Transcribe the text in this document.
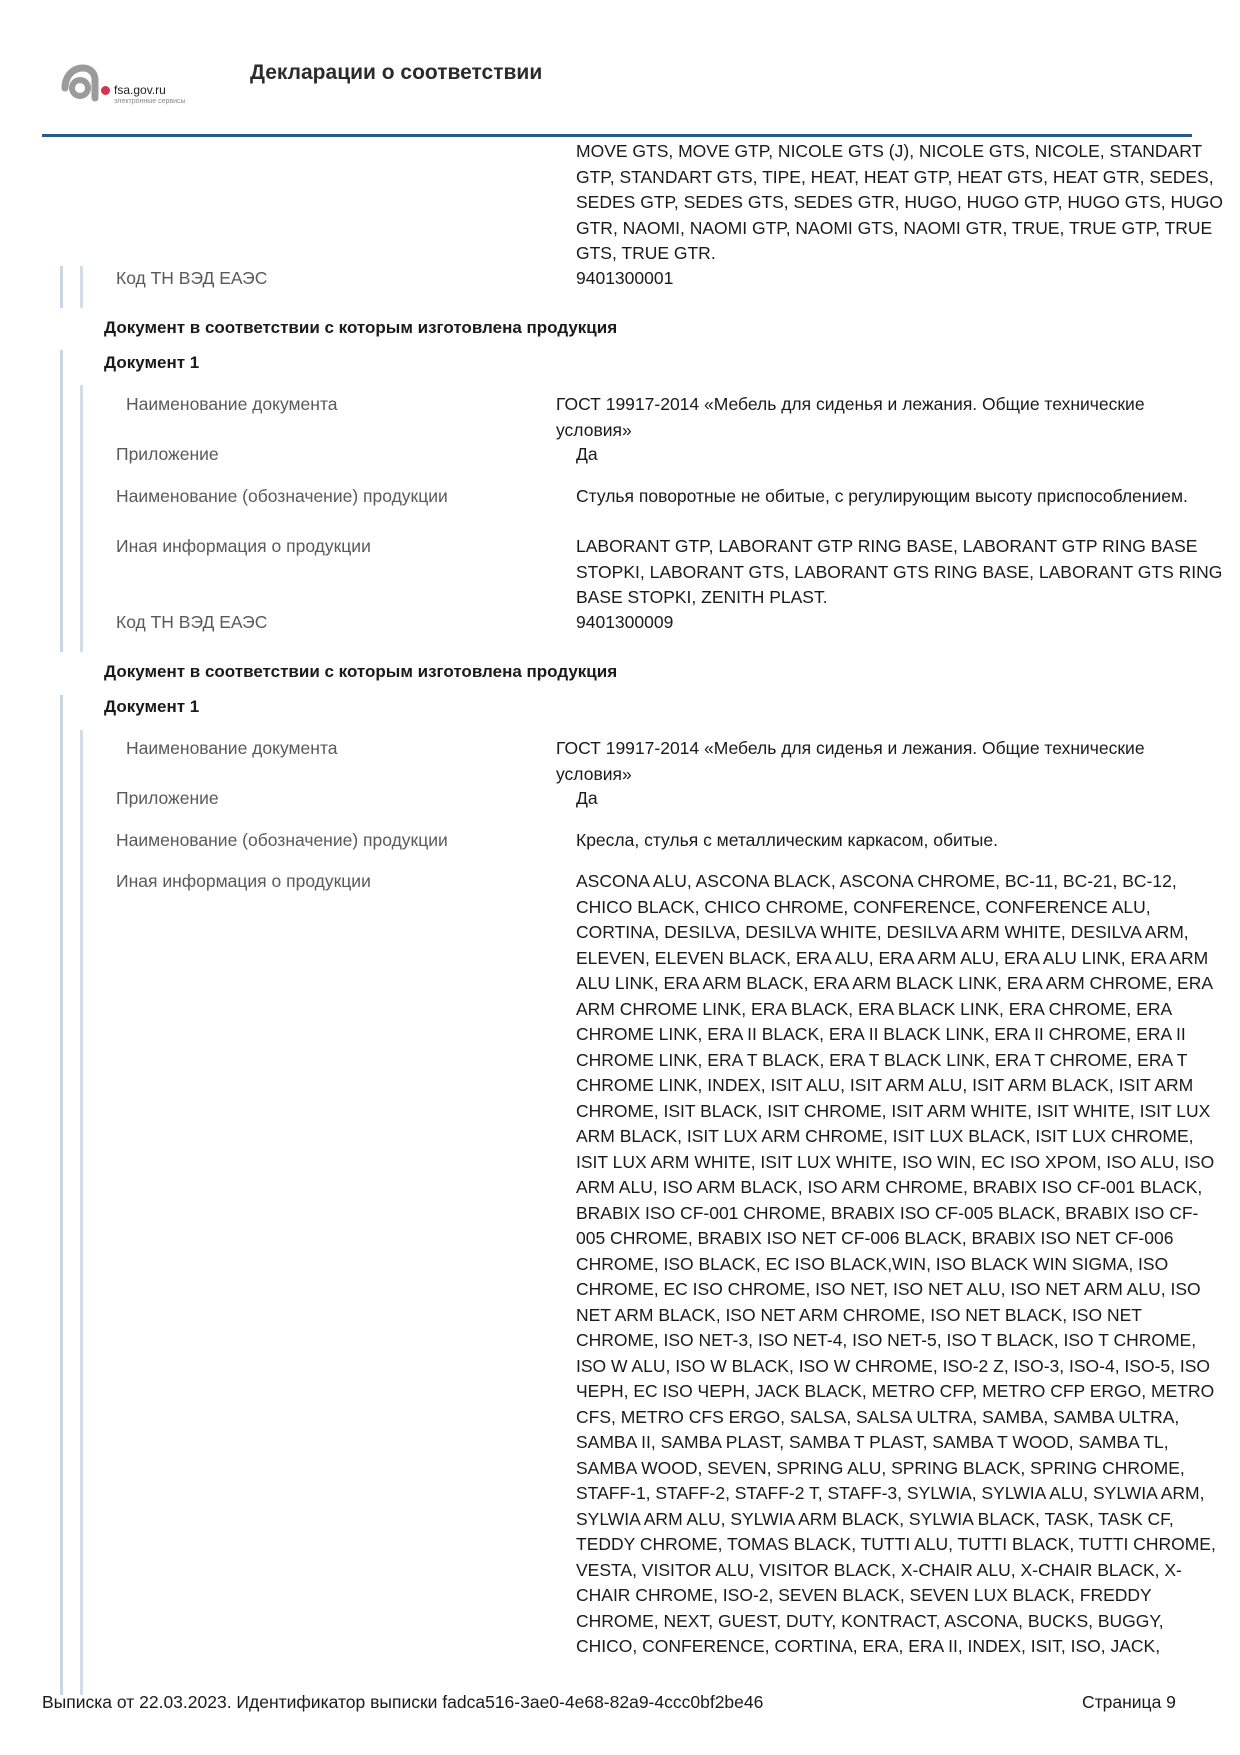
fsa.gov.ru
электронные сервисы
Декларации о соответствии
MOVE GTS, MOVE GTP, NICOLE GTS (J), NICOLE GTS, NICOLE, STANDART GTP, STANDART GTS, TIPE, HEAT, HEAT GTP, HEAT GTS, HEAT GTR, SEDES, SEDES GTP, SEDES GTS, SEDES GTR, HUGO, HUGO GTP, HUGO GTS, HUGO GTR, NAOMI, NAOMI GTP, NAOMI GTS, NAOMI GTR, TRUE, TRUE GTP, TRUE GTS, TRUE GTR.
Код ТН ВЭД ЕАЭС	9401300001
Документ в соответствии с которым изготовлена продукция
Документ 1
Наименование документа	ГОСТ 19917-2014 «Мебель для сиденья и лежания. Общие технические условия»
Приложение	Да
Наименование (обозначение) продукции	Стулья поворотные не обитые, с регулирующим высоту приспособлением.
Иная информация о продукции	LABORANT GTP, LABORANT GTP RING BASE, LABORANT GTP RING BASE STOPKI, LABORANT GTS, LABORANT GTS RING BASE, LABORANT GTS RING BASE STOPKI, ZENITH PLAST.
Код ТН ВЭД ЕАЭС	9401300009
Документ в соответствии с которым изготовлена продукция
Документ 1
Наименование документа	ГОСТ 19917-2014 «Мебель для сиденья и лежания. Общие технические условия»
Приложение	Да
Наименование (обозначение) продукции	Кресла, стулья с металлическим каркасом, обитые.
Иная информация о продукции	ASCONA ALU, ASCONA BLACK, ASCONA CHROME, BC-11, BC-21, BC-12, CHICO BLACK, CHICO CHROME, CONFERENCE, CONFERENCE ALU, CORTINA, DESILVA, DESILVA WHITE, DESILVA ARM WHITE, DESILVA ARM, ELEVEN, ELEVEN BLACK, ERA ALU, ERA ARM ALU, ERA ALU LINK, ERA ARM ALU LINK, ERA ARM BLACK, ERA ARM BLACK LINK, ERA ARM CHROME, ERA ARM CHROME LINK, ERA BLACK, ERA BLACK LINK, ERA CHROME, ERA CHROME LINK, ERA II BLACK, ERA II BLACK LINK, ERA II CHROME, ERA II CHROME LINK, ERA T BLACK, ERA T BLACK LINK, ERA T CHROME, ERA T CHROME LINK, INDEX, ISIT ALU, ISIT ARM ALU, ISIT ARM BLACK, ISIT ARM CHROME, ISIT BLACK, ISIT CHROME, ISIT ARM WHITE, ISIT WHITE, ISIT LUX ARM BLACK, ISIT LUX ARM CHROME, ISIT LUX BLACK, ISIT LUX CHROME, ISIT LUX ARM WHITE, ISIT LUX WHITE, ISO WIN, EC ISO XPOM, ISO ALU, ISO ARM ALU, ISO ARM BLACK, ISO ARM CHROME, BRABIX ISO CF-001 BLACK, BRABIX ISO CF-001 CHROME, BRABIX ISO CF-005 BLACK, BRABIX ISO CF-005 CHROME, BRABIX ISO NET CF-006 BLACK, BRABIX ISO NET CF-006 CHROME, ISO BLACK, EC ISO BLACK,WIN, ISO BLACK WIN SIGMA, ISO CHROME, EC ISO CHROME, ISO NET, ISO NET ALU, ISO NET ARM ALU, ISO NET ARM BLACK, ISO NET ARM CHROME, ISO NET BLACK, ISO NET CHROME, ISO NET-3, ISO NET-4, ISO NET-5, ISO T BLACK, ISO T CHROME, ISO W ALU, ISO W BLACK, ISO W CHROME, ISO-2 Z, ISO-3, ISO-4, ISO-5, ISO ЧЕРН, EC ISO ЧЕРН, JACK BLACK, METRO CFP, METRO CFP ERGO, METRO CFS, METRO CFS ERGO, SALSA, SALSA ULTRA, SAMBA, SAMBA ULTRA, SAMBA II, SAMBA PLAST, SAMBA T PLAST, SAMBA T WOOD, SAMBA TL, SAMBA WOOD, SEVEN, SPRING ALU, SPRING BLACK, SPRING CHROME, STAFF-1, STAFF-2, STAFF-2 T, STAFF-3, SYLWIA, SYLWIA ALU, SYLWIA ARM, SYLWIA ARM ALU, SYLWIA ARM BLACK, SYLWIA BLACK, TASK, TASK CF, TEDDY CHROME, TOMAS BLACK, TUTTI ALU, TUTTI BLACK, TUTTI CHROME, VESTA, VISITOR ALU, VISITOR BLACK, X-CHAIR ALU, X-CHAIR BLACK, X-CHAIR CHROME, ISO-2, SEVEN BLACK, SEVEN LUX BLACK, FREDDY CHROME, NEXT, GUEST, DUTY, KONTRACT, ASCONA, BUCKS, BUGGY, CHICO, CONFERENCE, CORTINA, ERA, ERA II, INDEX, ISIT, ISO, JACK,
Выписка от 22.03.2023. Идентификатор выписки fadca516-3ae0-4e68-82a9-4ccc0bf2be46	Страница 9
